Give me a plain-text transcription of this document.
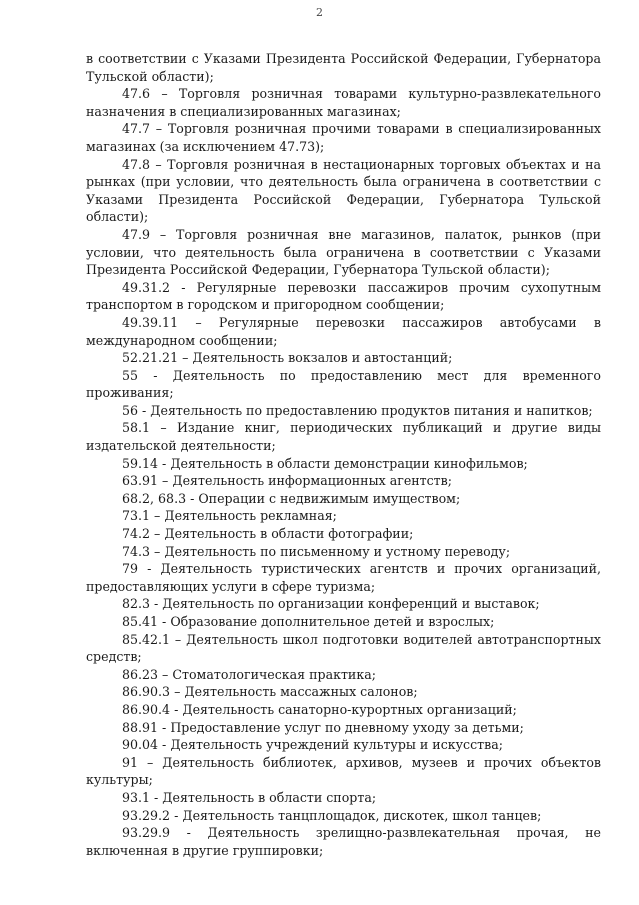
2

в соответствии с Указами Президента Российской Федерации, Губернатора Тульской области);

47.6 – Торговля розничная товарами культурно-развлекательного назначения в специализированных магазинах;

47.7 – Торговля розничная прочими товарами в специализированных магазинах (за исключением 47.73);

47.8 – Торговля розничная в нестационарных торговых объектах и на рынках (при условии, что деятельность была ограничена в соответствии с Указами Президента Российской Федерации, Губернатора Тульской области);

47.9 – Торговля розничная вне магазинов, палаток, рынков (при условии, что деятельность была ограничена в соответствии с Указами Президента Российской Федерации, Губернатора Тульской области);

49.31.2 - Регулярные перевозки пассажиров прочим сухопутным транспортом в городском и пригородном сообщении;

49.39.11 – Регулярные перевозки пассажиров автобусами в международном сообщении;

52.21.21 – Деятельность вокзалов и автостанций;

55 - Деятельность по предоставлению мест для временного проживания;

56 - Деятельность по предоставлению продуктов питания и напитков;

58.1 – Издание книг, периодических публикаций и другие виды издательской деятельности;

59.14 - Деятельность в области демонстрации кинофильмов;

63.91 – Деятельность информационных агентств;

68.2, 68.3 - Операции с недвижимым имуществом;

73.1 – Деятельность рекламная;

74.2 – Деятельность в области фотографии;

74.3 – Деятельность по письменному и устному переводу;

79 - Деятельность туристических агентств и прочих организаций, предоставляющих услуги в сфере туризма;

82.3 - Деятельность по организации конференций и выставок;

85.41 - Образование дополнительное детей и взрослых;

85.42.1 – Деятельность школ подготовки водителей автотранспортных средств;

86.23 – Стоматологическая практика;

86.90.3 – Деятельность массажных салонов;

86.90.4 - Деятельность санаторно-курортных организаций;

88.91 - Предоставление услуг по дневному уходу за детьми;

90.04 - Деятельность учреждений культуры и искусства;

91 – Деятельность библиотек, архивов, музеев и прочих объектов культуры;

93.1 - Деятельность в области спорта;

93.29.2 - Деятельность танцплощадок, дискотек, школ танцев;

93.29.9 - Деятельность зрелищно-развлекательная прочая, не включенная в другие группировки;
